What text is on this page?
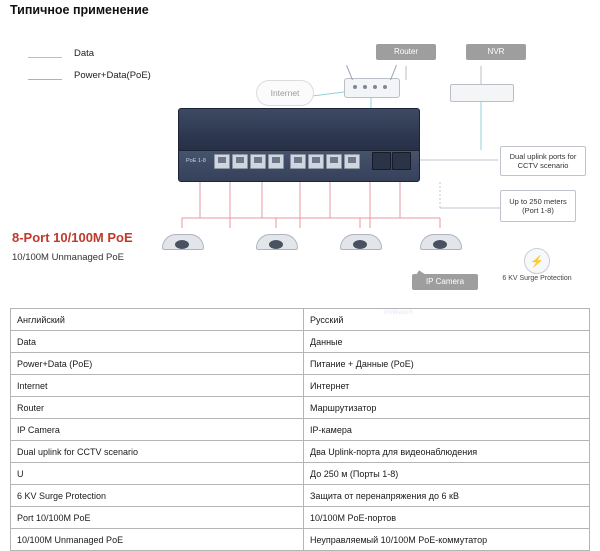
Типичное применение
Data
Power+Data(PoE)
Router	NVR
Internet
VIiWatch
PoE 1-8
Dual uplink ports for CCTV scenario
Up to 250 meters (Port 1-8)
IP Camera
⚡
6 KV Surge Protection
8-Port 10/100M PoE
10/100M Unmanaged PoE
Английский	Русский
Data	Данные
Power+Data (PoE)	Питание + Данные (PoE)
Internet	Интернет
Router	Маршрутизатор
IP Camera	IP-камера
Dual uplink for CCTV scenario	Два Uplink-порта для видеонаблюдения
U	До 250 м (Порты 1-8)
6 KV Surge Protection	Защита от перенапряжения до 6 кВ
Port 10/100M PoE	10/100M PoE-портов
10/100M Unmanaged PoE	Неуправляемый 10/100M PoE-коммутатор
